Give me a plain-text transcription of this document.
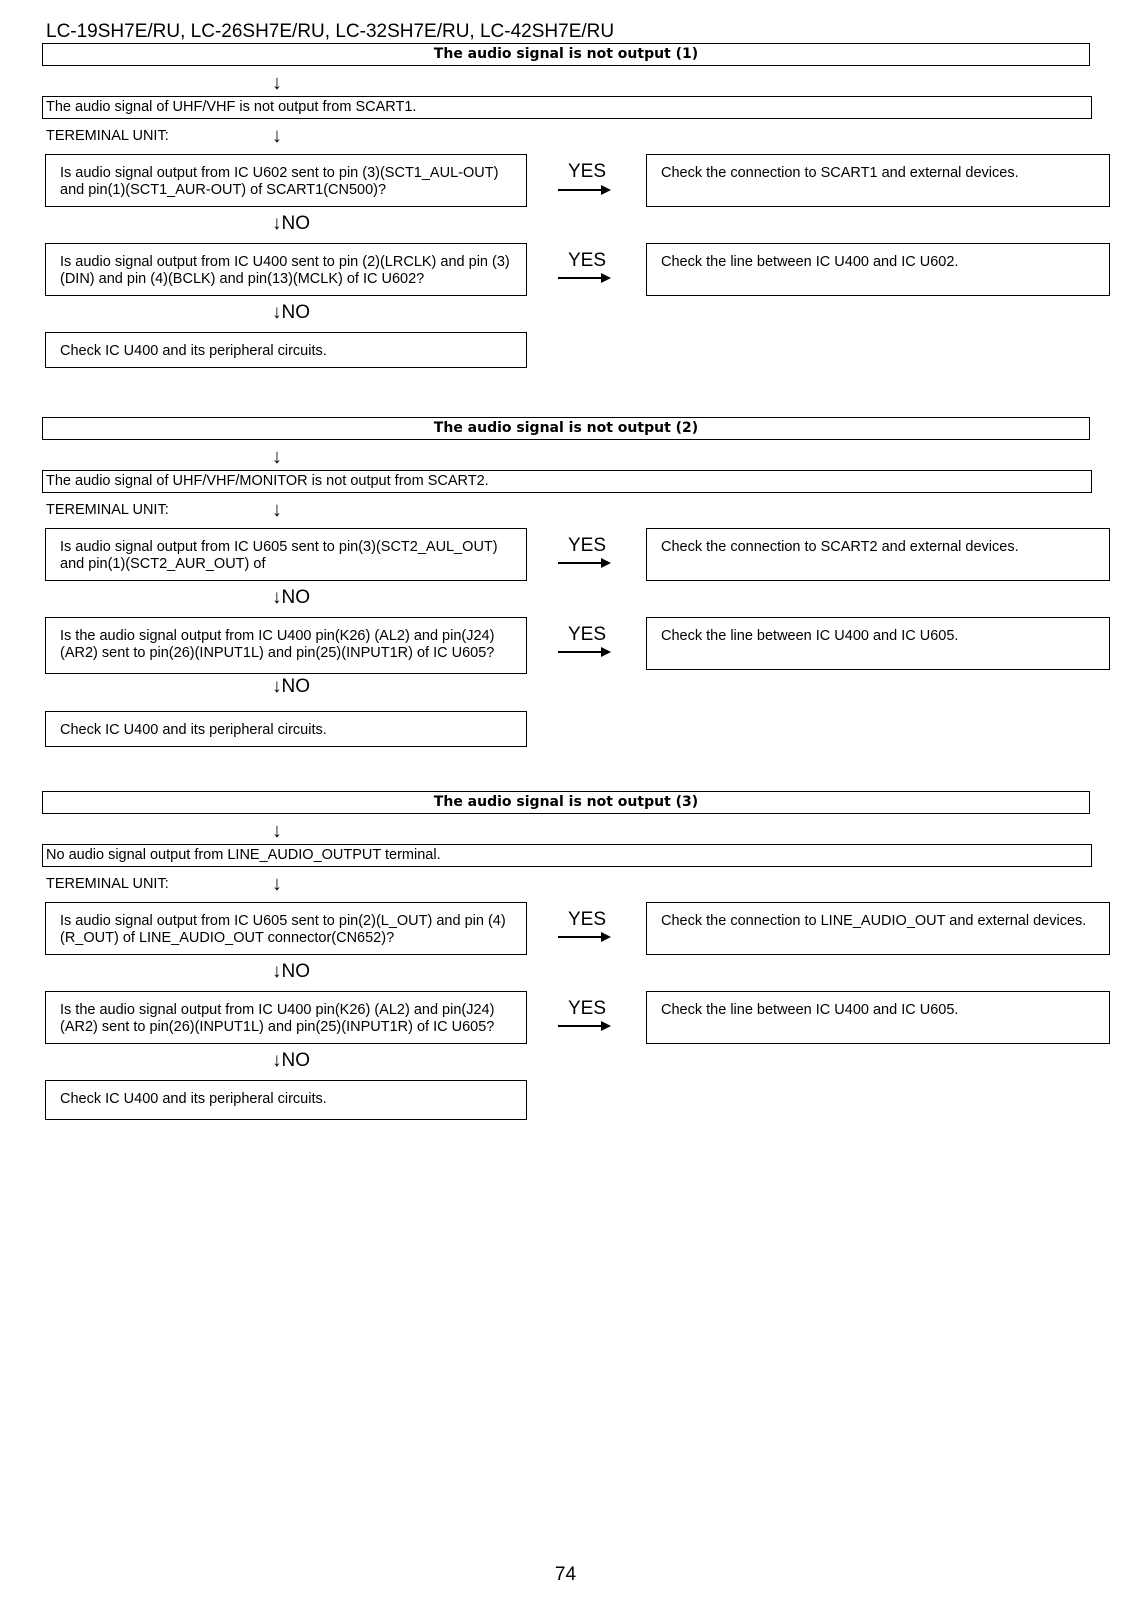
LC-19SH7E/RU, LC-26SH7E/RU, LC-32SH7E/RU, LC-42SH7E/RU
The audio signal is not output (1)
↓
The audio signal of UHF/VHF is not output from SCART1.
TEREMINAL UNIT:	↓
Is audio signal output from IC U602 sent to pin (3)(SCT1_AUL-OUT) and pin(1)(SCT1_AUR-OUT) of SCART1(CN500)?
YES	Check the connection to SCART1 and external devices.
↓NO
Is audio signal output from IC U400 sent to pin (2)(LRCLK) and pin (3)(DIN) and pin (4)(BCLK) and pin(13)(MCLK) of IC U602?
YES	Check the line between IC U400 and IC U602.
↓NO
Check IC U400 and its peripheral circuits.
The audio signal is not output (2)
↓
The audio signal of UHF/VHF/MONITOR is not output from SCART2.
TEREMINAL UNIT:	↓
Is audio signal output from IC U605 sent to pin(3)(SCT2_AUL_OUT) and pin(1)(SCT2_AUR_OUT) of
YES	Check the connection to SCART2 and external devices.
↓NO
Is the audio signal output from IC U400 pin(K26) (AL2) and pin(J24) (AR2) sent to pin(26)(INPUT1L) and pin(25)(INPUT1R) of IC U605?
YES	Check the line between IC U400 and IC U605.
↓NO
Check IC U400 and its peripheral circuits.
The audio signal is not output (3)
↓
No audio signal output from LINE_AUDIO_OUTPUT terminal.
TEREMINAL UNIT:	↓
Is audio signal output from IC U605 sent to pin(2)(L_OUT) and pin (4)(R_OUT) of LINE_AUDIO_OUT connector(CN652)?
YES	Check the connection to LINE_AUDIO_OUT and external devices.
↓NO
Is the audio signal output from IC U400 pin(K26) (AL2) and pin(J24) (AR2) sent to pin(26)(INPUT1L) and pin(25)(INPUT1R) of IC U605?
YES	Check the line between IC U400 and IC U605.
↓NO
Check IC U400 and its peripheral circuits.
74
